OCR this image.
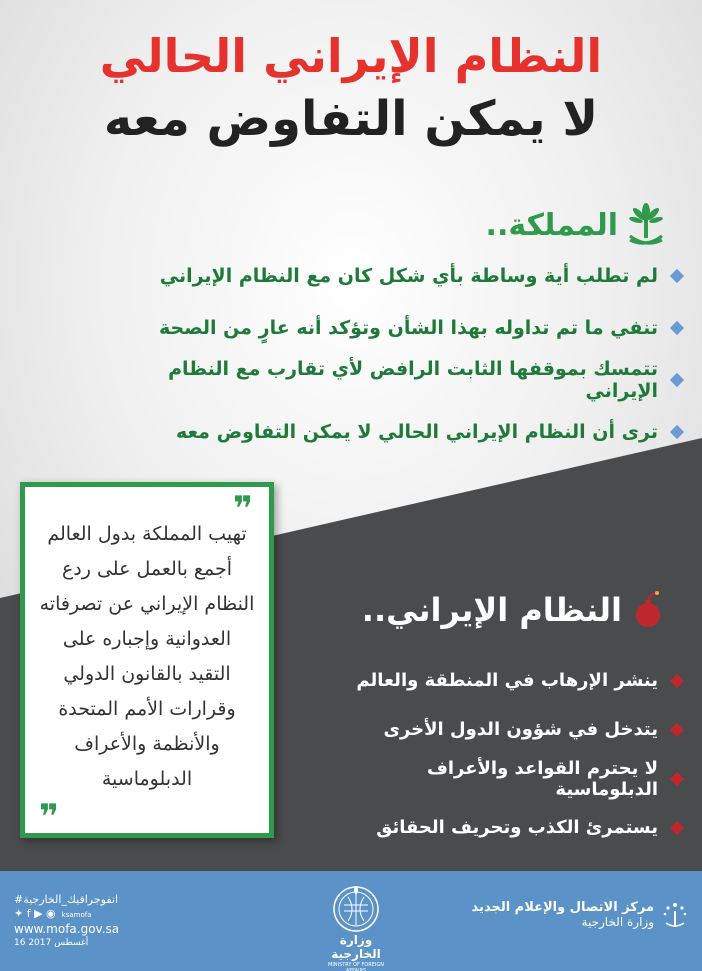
النظام الإيراني الحالي
لا يمكن التفاوض معه
المملكة..
لم تطلب أية وساطة بأي شكل كان مع النظام الإيراني
تنفي ما تم تداوله بهذا الشأن وتؤكد أنه عارٍ من الصحة
تتمسك بموقفها الثابت الرافض لأي تقارب مع النظام الإيراني
ترى أن النظام الإيراني الحالي لا يمكن التفاوض معه
❞
تهيب المملكة بدول العالم أجمع بالعمل على ردع النظام الإيراني عن تصرفاته العدوانية وإجباره على التقيد بالقانون الدولي وقرارات الأمم المتحدة والأنظمة والأعراف الدبلوماسية
❞
النظام الإيراني..
ينشر الإرهاب في المنطقة والعالم
يتدخل في شؤون الدول الأخرى
لا يحترم القواعد والأعراف الدبلوماسية
يستمرئ الكذب وتحريف الحقائق
#انفوجرافيك_الخارجية
✦ f ▶ ◉ ksamofa
www.mofa.gov.sa
16 أغسطس 2017	وزارة الخارجية
MINISTRY OF FOREIGN AFFAIRS
مركز الاتصال والإعلام الجديد
وزارة الخارجية
